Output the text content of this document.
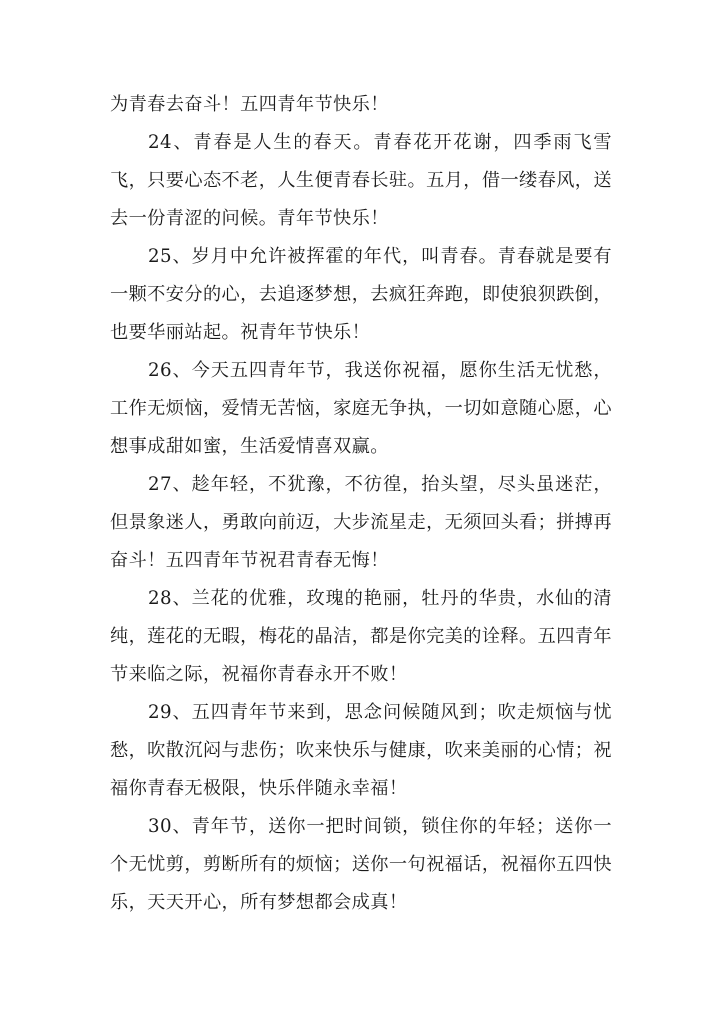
为青春去奋斗！五四青年节快乐！

24、青春是人生的春天。青春花开花谢，四季雨飞雪飞，只要心态不老，人生便青春长驻。五月，借一缕春风，送去一份青涩的问候。青年节快乐！

25、岁月中允许被挥霍的年代，叫青春。青春就是要有一颗不安分的心，去追逐梦想，去疯狂奔跑，即使狼狈跌倒，也要华丽站起。祝青年节快乐！

26、今天五四青年节，我送你祝福，愿你生活无忧愁，工作无烦恼，爱情无苦恼，家庭无争执，一切如意随心愿，心想事成甜如蜜，生活爱情喜双赢。

27、趁年轻，不犹豫，不彷徨，抬头望，尽头虽迷茫，但景象迷人，勇敢向前迈，大步流星走，无须回头看；拼搏再奋斗！五四青年节祝君青春无悔！

28、兰花的优雅，玫瑰的艳丽，牡丹的华贵，水仙的清纯，莲花的无暇，梅花的晶洁，都是你完美的诠释。五四青年节来临之际，祝福你青春永开不败！

29、五四青年节来到，思念问候随风到；吹走烦恼与忧愁，吹散沉闷与悲伤；吹来快乐与健康，吹来美丽的心情；祝福你青春无极限，快乐伴随永幸福！

30、青年节，送你一把时间锁，锁住你的年轻；送你一个无忧剪，剪断所有的烦恼；送你一句祝福话，祝福你五四快乐，天天开心，所有梦想都会成真！
